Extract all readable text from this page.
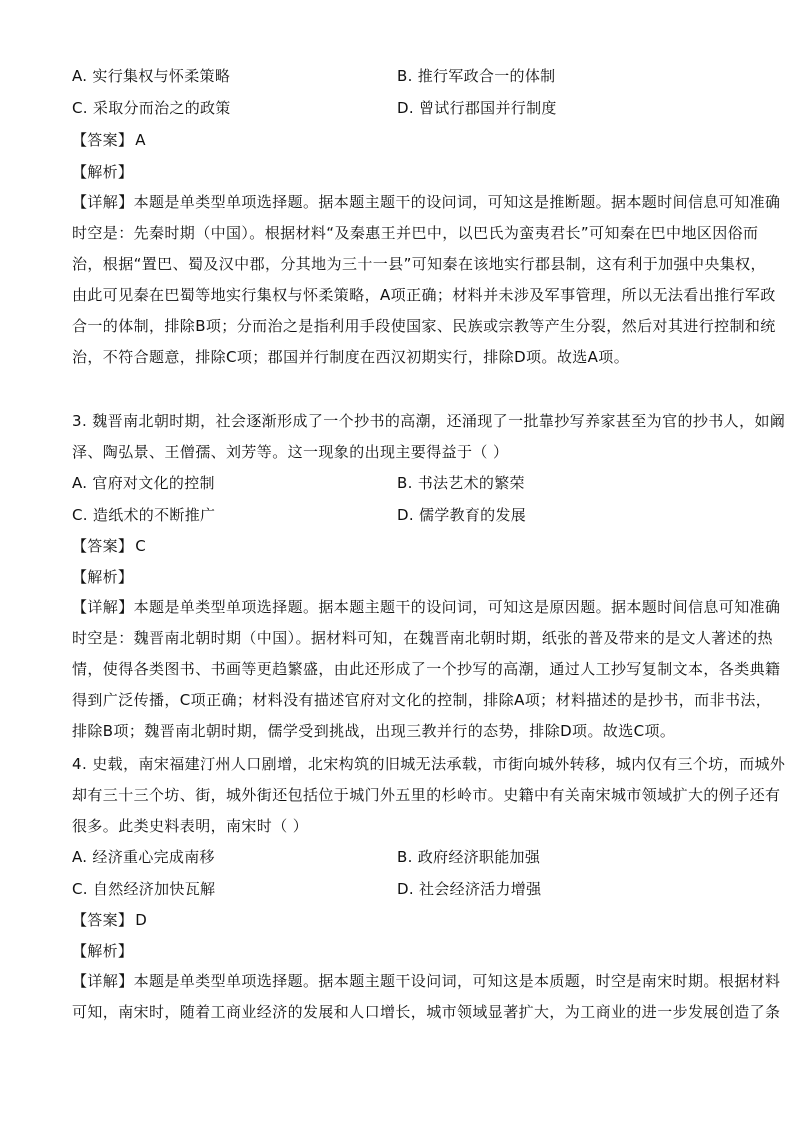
A. 实行集权与怀柔策略	B. 推行军政合一的体制
C. 采取分而治之的政策	D. 曾试行郡国并行制度
【答案】 A
【解析】
【详解】本题是单类型单项选择题。据本题主题干的设问词，可知这是推断题。据本题时间信息可知准确
时空是：先秦时期（中国）。根据材料“及秦惠王并巴中，以巴氏为蛮夷君长”可知秦在巴中地区因俗而
治，根据“置巴、蜀及汉中郡，分其地为三十一县”可知秦在该地实行郡县制，这有利于加强中央集权，
由此可见秦在巴蜀等地实行集权与怀柔策略，A项正确；材料并未涉及军事管理，所以无法看出推行军政
合一的体制，排除B项；分而治之是指利用手段使国家、民族或宗教等产生分裂，然后对其进行控制和统
治，不符合题意，排除C项；郡国并行制度在西汉初期实行，排除D项。故选A项。
3. 魏晋南北朝时期，社会逐渐形成了一个抄书的高潮，还涌现了一批靠抄写养家甚至为官的抄书人，如阚
泽、陶弘景、王僧孺、刘芳等。这一现象的出现主要得益于（ ）
A. 官府对文化的控制	B. 书法艺术的繁荣
C. 造纸术的不断推广	D. 儒学教育的发展
【答案】 C
【解析】
【详解】本题是单类型单项选择题。据本题主题干的设问词，可知这是原因题。据本题时间信息可知准确
时空是：魏晋南北朝时期（中国）。据材料可知，在魏晋南北朝时期，纸张的普及带来的是文人著述的热
情，使得各类图书、书画等更趋繁盛，由此还形成了一个抄写的高潮，通过人工抄写复制文本，各类典籍
得到广泛传播，C项正确；材料没有描述官府对文化的控制，排除A项；材料描述的是抄书，而非书法，
排除B项；魏晋南北朝时期，儒学受到挑战，出现三教并行的态势，排除D项。故选C项。
4. 史载，南宋福建汀州人口剧增，北宋构筑的旧城无法承载，市街向城外转移，城内仅有三个坊，而城外
却有三十三个坊、街，城外街还包括位于城门外五里的杉岭市。史籍中有关南宋城市领域扩大的例子还有
很多。此类史料表明，南宋时（ ）
A. 经济重心完成南移	B. 政府经济职能加强
C. 自然经济加快瓦解	D. 社会经济活力增强
【答案】 D
【解析】
【详解】本题是单类型单项选择题。据本题主题干设问词，可知这是本质题，时空是南宋时期。根据材料
可知，南宋时，随着工商业经济的发展和人口增长，城市领域显著扩大，为工商业的进一步发展创造了条
